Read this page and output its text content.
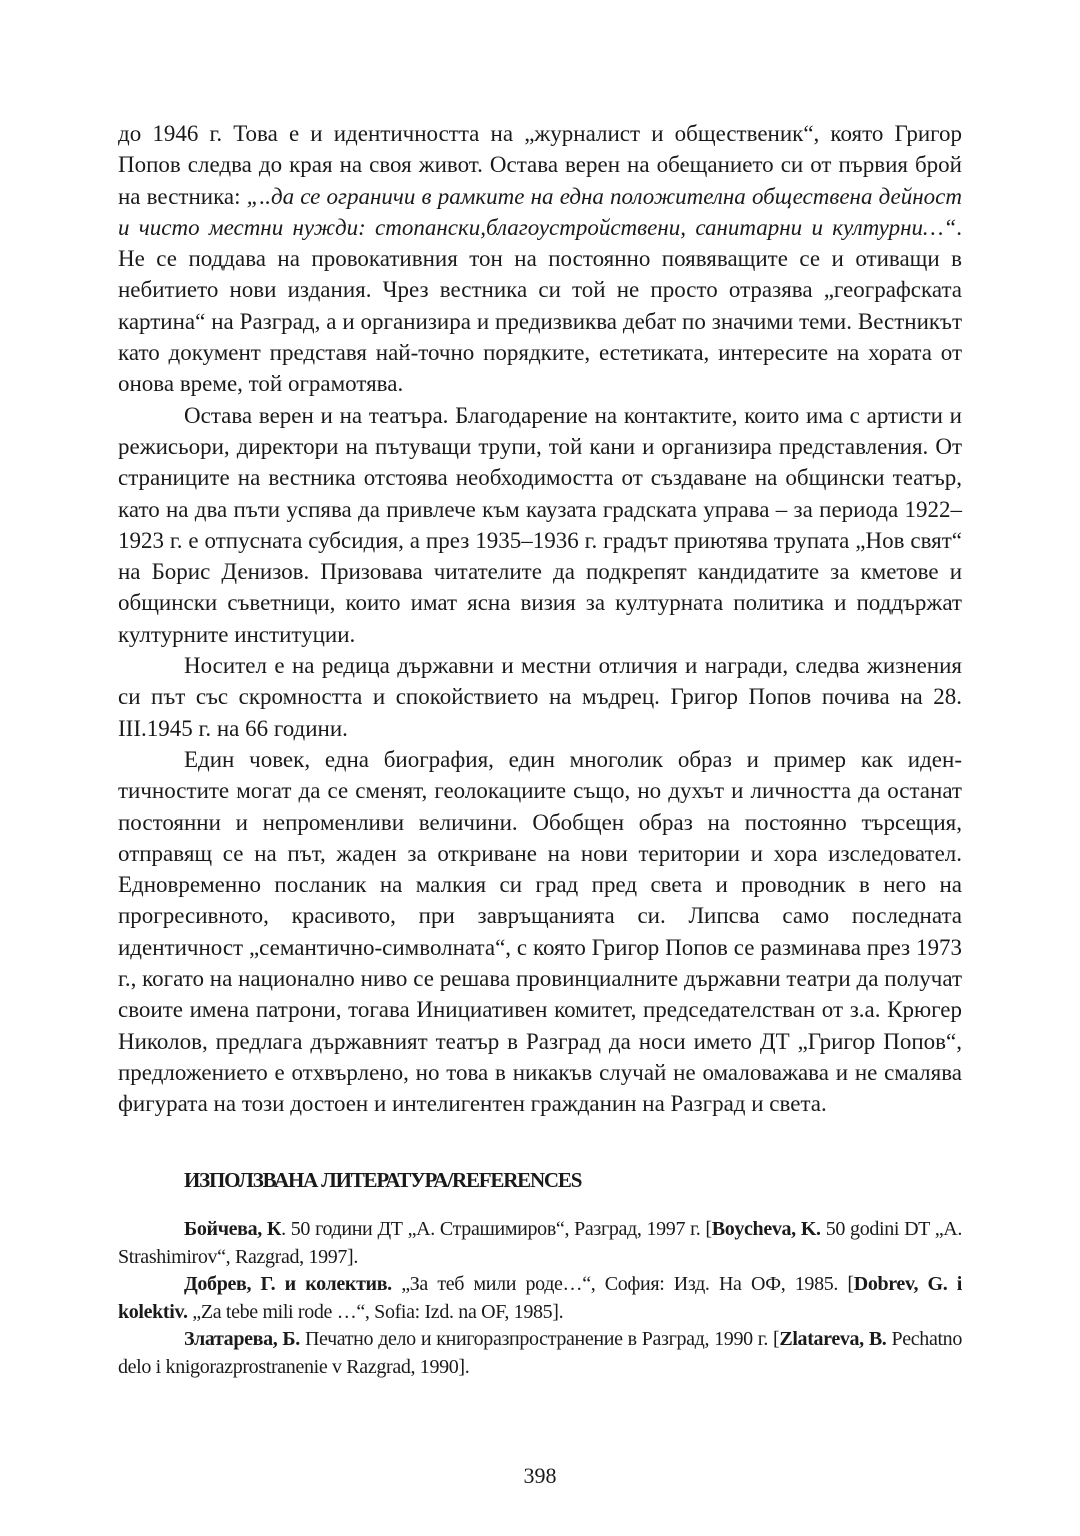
до 1946 г. Това е и идентичността на „журналист и общественик“, която Григор Попов следва до края на своя живот. Остава верен на обещанието си от първия брой на вестника: „..да се ограничи в рамките на една положителна обществена дейност и чисто местни нужди: стопански,благоустройствени, санитарни и културни…“. Не се поддава на провокативния тон на постоянно появяващите се и отиващи в небитието нови издания. Чрез вестника си той не просто отразява „географската картина“ на Разград, а и организира и предизвиква дебат по значими теми. Вестникът като документ представя най-точно порядките, естетиката, интересите на хората от онова време, той ограмотява.

Остава верен и на театъра. Благодарение на контактите, които има с артисти и режисьори, директори на пътуващи трупи, той кани и организира представления. От страниците на вестника отстоява необходимостта от създаване на общински театър, като на два пъти успява да привлече към каузата градската управа – за периода 1922–1923 г. е отпусната субсидия, а през 1935–1936 г. градът приютява трупата „Нов свят“ на Борис Денизов. Призовава читателите да подкрепят кандидатите за кметове и общински съветници, които имат ясна визия за културната политика и поддържат културните институции.

Носител е на редица държавни и местни отличия и награди, следва жизнения си път със скромността и спокойствието на мъдрец. Григор Попов почива на 28. III.1945 г. на 66 години.

Един човек, една биография, един многолик образ и пример как идентичностите могат да се сменят, геолокациите също, но духът и личността да останат постоянни и непроменливи величини. Обобщен образ на постоянно търсещия, отправящ се на път, жаден за откриване на нови територии и хора изследовател. Едновременно посланик на малкия си град пред света и проводник в него на прогресивното, красивото, при завръщанията си. Липсва само последната идентичност „семантично-символната“, с която Григор Попов се разминава през 1973 г., когато на национално ниво се решава провинциалните държавни театри да получат своите имена патрони, тогава Инициативен комитет, председателстван от з.а. Крюгер Николов, предлага държавният театър в Разград да носи името ДТ „Григор Попов“, предложението е отхвърлено, но това в никакъв случай не омаловажава и не смалява фигурата на този достоен и интелигентен гражданин на Разград и света.

ИЗПОЛЗВАНА ЛИТЕРАТУРА/REFERENCES

Бойчева, К. 50 години ДТ „А. Страшимиров“, Разград, 1997 г. [Boycheva, K. 50 godini DT „A. Strashimirov“, Razgrad, 1997].

Добрев, Г. и колектив. „За теб мили роде…“, София: Изд. На ОФ, 1985. [Dobrev, G. i kolektiv. „Za tebe mili rode …“, Sofia: Izd. na OF, 1985].

Златарева, Б. Печатно дело и книгоразпространение в Разград, 1990 г. [Zlatareva, B. Pechatno delo i knigorazprostranenie v Razgrad, 1990].

398
